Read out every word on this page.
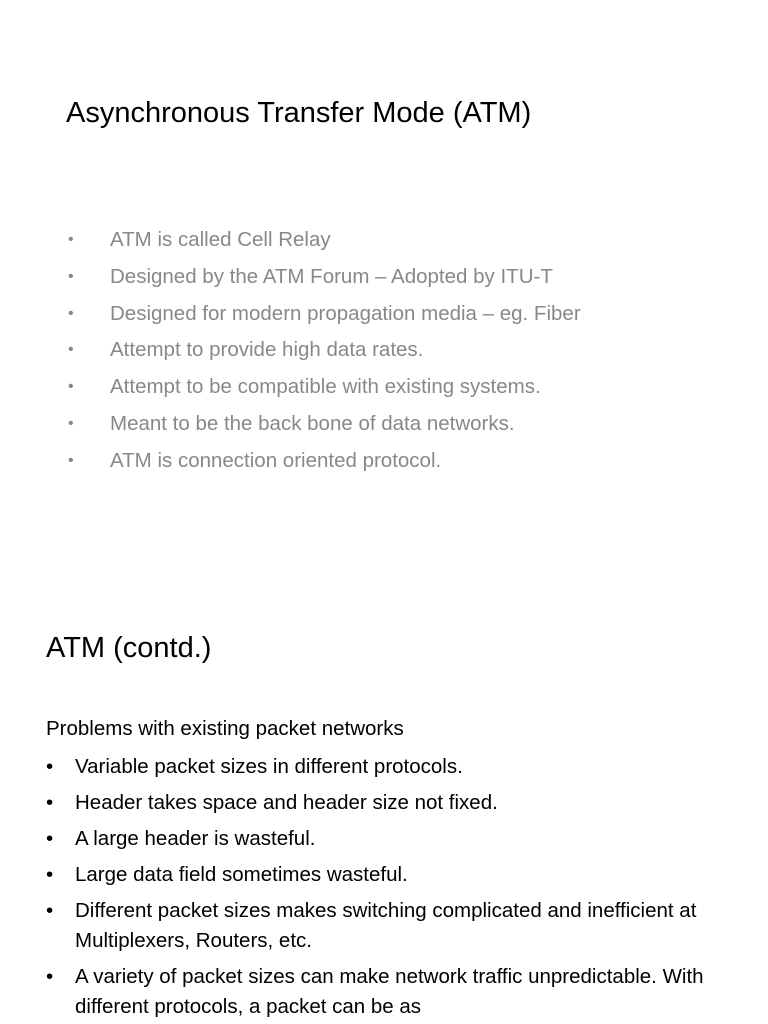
Asynchronous Transfer Mode (ATM)
• ATM is called Cell Relay
• Designed by the ATM Forum – Adopted by ITU-T
• Designed for modern propagation media – eg. Fiber
• Attempt to provide high data rates.
• Attempt to be compatible with existing systems.
• Meant to be the back bone of data networks.
• ATM is connection oriented protocol.
ATM (contd.)

Problems with existing packet networks

• Variable packet sizes in different protocols.
• Header takes space and header size not fixed.
• A large header is wasteful.
• Large data field sometimes wasteful.
• Different packet sizes makes switching complicated and inefficient at Multiplexers, Routers, etc.
• A variety of packet sizes can make network traffic unpredictable. With different protocols, a packet can be as
